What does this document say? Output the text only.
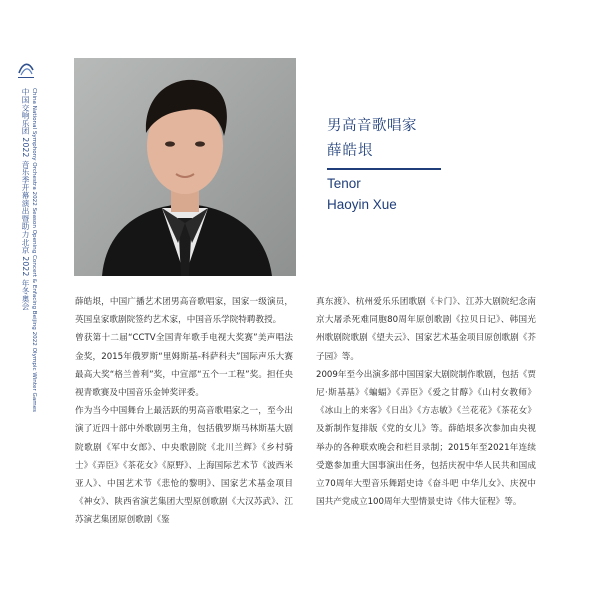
中国交响乐团 2022 音乐季开幕演出暨助力北京 2022 年冬奥会 China National Symphony Orchestra 2022 Season Opening Concert & Enfacing Beijing 2022 Olympic Winter Games	男高音歌唱家
薛皓垠
Tenor
Haoyin Xue

薛皓垠，中国广播艺术团男高音歌唱家，国家一级演员，英国皇家歌剧院签约艺术家，中国音乐学院特聘教授。

曾获第十二届“CCTV全国青年歌手电视大奖赛”美声唱法金奖，2015年俄罗斯“里姆斯基-科萨科夫”国际声乐大赛最高大奖“格兰普利”奖，中宣部“五个一工程”奖。担任央视青歌赛及中国音乐金钟奖评委。

作为当今中国舞台上最活跃的男高音歌唱家之一，至今出演了近四十部中外歌剧男主角，包括俄罗斯马林斯基大剧院歌剧《军中女郎》、中央歌剧院《北川兰辉》《乡村骑士》《弄臣》《茶花女》《原野》、上海国际艺术节《波西米亚人》、中国艺术节《悲怆的黎明》、国家艺术基金项目《神女》、陕西省演艺集团大型原创歌剧《大汉苏武》、江苏演艺集团原创歌剧《鉴

真东渡》、杭州爱乐乐团歌剧《卡门》、江苏大剧院纪念南京大屠杀死难同胞80周年原创歌剧《拉贝日记》、韩国光州歌剧院歌剧《望夫云》、国家艺术基金项目原创歌剧《芥子园》等。

2009年至今出演多部中国国家大剧院制作歌剧，包括《贾尼·斯基基》《蝙蝠》《弄臣》《爱之甘醇》《山村女教师》《冰山上的来客》《日出》《方志敏》《兰花花》《茶花女》及新制作复排版《党的女儿》等。薛皓垠多次参加由央视举办的各种联欢晚会和栏目录制；2015年至2021年连续受邀参加重大国事演出任务，包括庆祝中华人民共和国成立70周年大型音乐舞蹈史诗《奋斗吧 中华儿女》、庆祝中国共产党成立100周年大型情景史诗《伟大征程》等。
